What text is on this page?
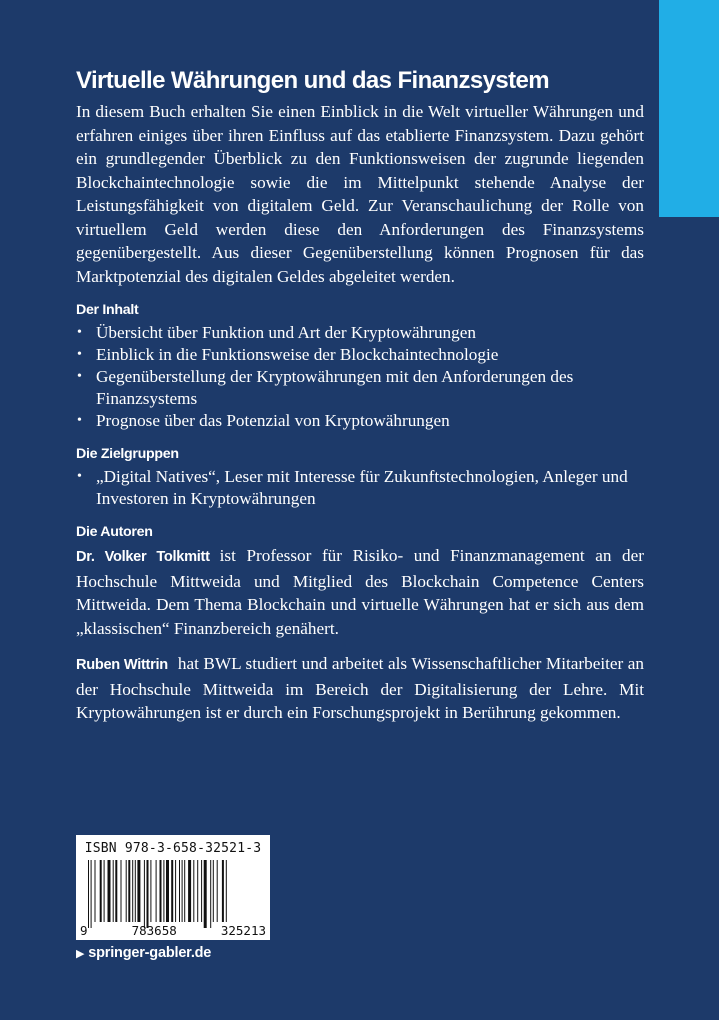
Virtuelle Währungen und das Finanzsystem

In diesem Buch erhalten Sie einen Einblick in die Welt virtueller Währungen und erfahren einiges über ihren Einfluss auf das etablierte Finanzsystem. Dazu gehört ein grundlegender Überblick zu den Funktionsweisen der zugrunde liegenden Blockchaintechnologie sowie die im Mittelpunkt stehende Analyse der Leistungsfähigkeit von digitalem Geld. Zur Veranschaulichung der Rolle von virtuellem Geld werden diese den Anforderungen des Finanzsystems gegenübergestellt. Aus dieser Gegenüberstellung können Prognosen für das Marktpotenzial des digitalen Geldes abgeleitet werden.

Der Inhalt
• Übersicht über Funktion und Art der Kryptowährungen
• Einblick in die Funktionsweise der Blockchaintechnologie
• Gegenüberstellung der Kryptowährungen mit den Anforderungen des Finanzsystems
• Prognose über das Potenzial von Kryptowährungen
Die Zielgruppen
• „Digital Natives“, Leser mit Interesse für Zukunftstechnologien, Anleger und Investoren in Kryptowährungen
Die Autoren

Dr. Volker Tolkmitt ist Professor für Risiko- und Finanzmanagement an der Hochschule Mittweida und Mitglied des Blockchain Competence Centers Mittweida. Dem Thema Blockchain und virtuelle Währungen hat er sich aus dem „klassischen“ Finanzbereich genähert.

Ruben Wittrin hat BWL studiert und arbeitet als Wissenschaftlicher Mitarbeiter an der Hochschule Mittweida im Bereich der Digitalisierung der Lehre. Mit Kryptowährungen ist er durch ein Forschungsprojekt in Berührung gekommen.

ISBN 978-3-658-32521-3
9	783658	325213
▶ springer-gabler.de
